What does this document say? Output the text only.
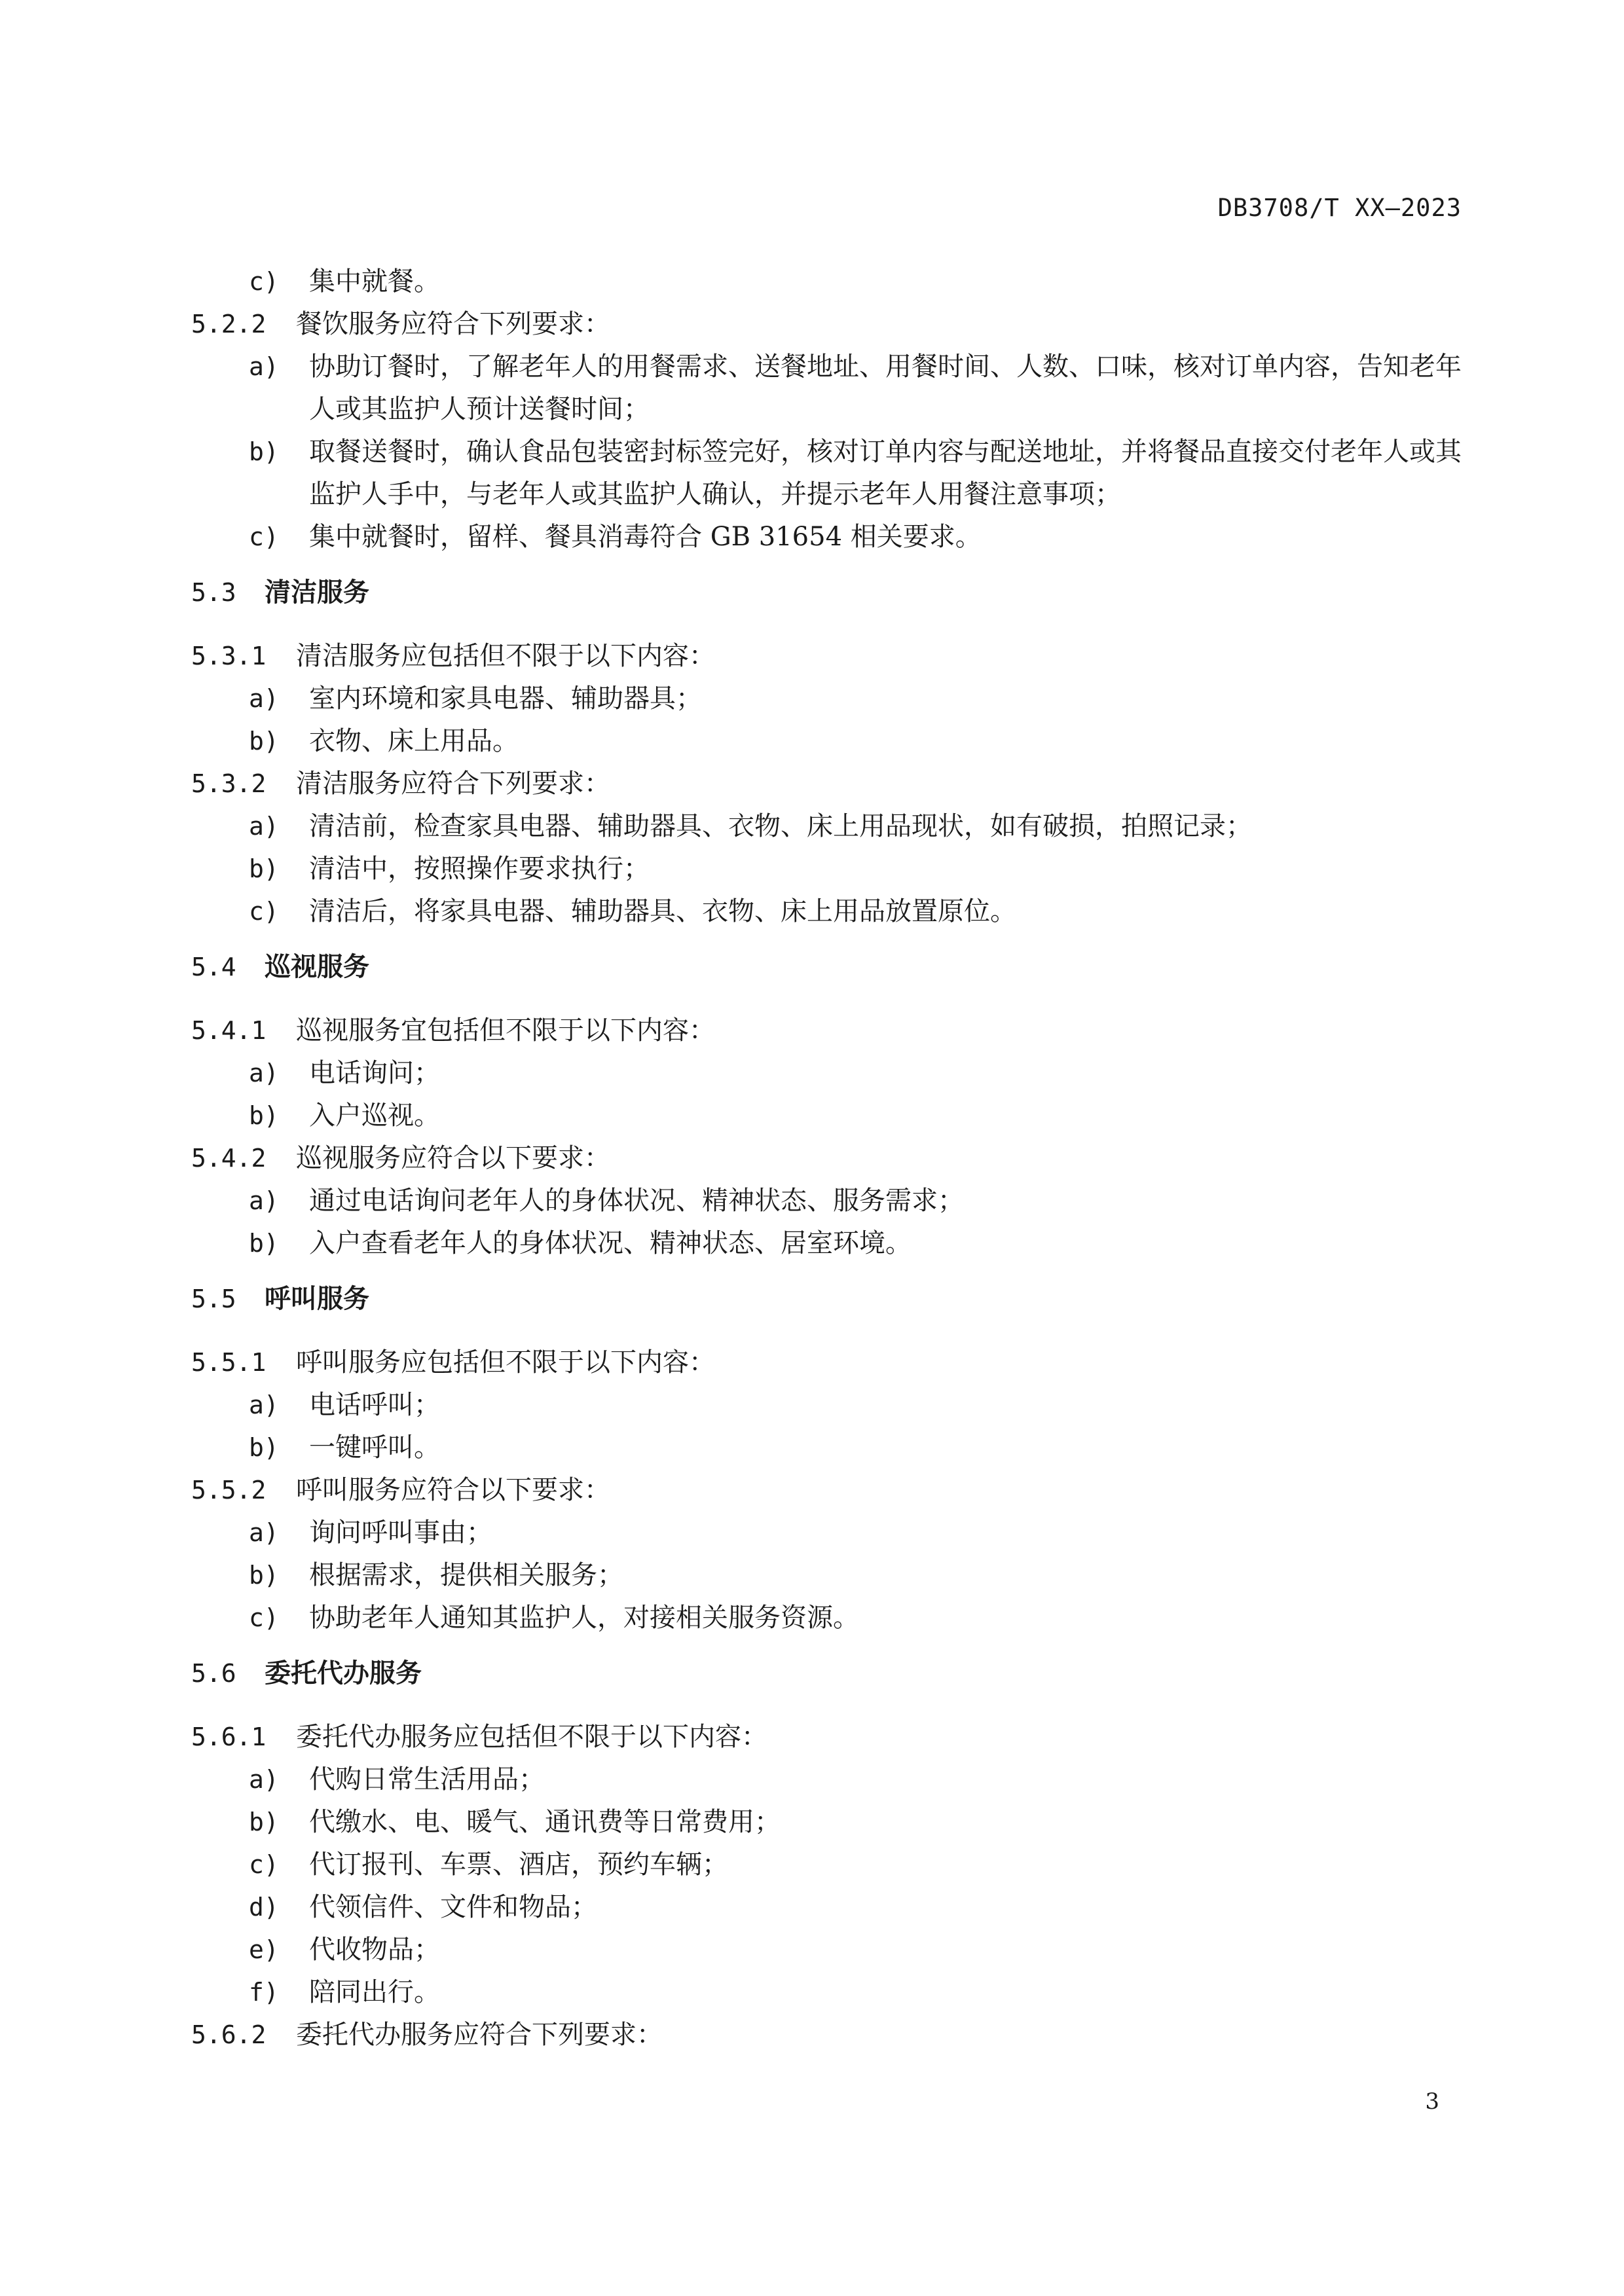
DB3708/T XX—2023
c)	集中就餐。
5.2.2 餐饮服务应符合下列要求：
a)	协助订餐时，了解老年人的用餐需求、送餐地址、用餐时间、人数、口味，核对订单内容，告知老年人或其监护人预计送餐时间；
b)	取餐送餐时，确认食品包装密封标签完好，核对订单内容与配送地址，并将餐品直接交付老年人或其监护人手中，与老年人或其监护人确认，并提示老年人用餐注意事项；
c)	集中就餐时，留样、餐具消毒符合 GB 31654 相关要求。
5.3 清洁服务
5.3.1 清洁服务应包括但不限于以下内容：
a)	室内环境和家具电器、辅助器具；
b)	衣物、床上用品。
5.3.2 清洁服务应符合下列要求：
a)	清洁前，检查家具电器、辅助器具、衣物、床上用品现状，如有破损，拍照记录；
b)	清洁中，按照操作要求执行；
c)	清洁后，将家具电器、辅助器具、衣物、床上用品放置原位。
5.4 巡视服务
5.4.1 巡视服务宜包括但不限于以下内容：
a)	电话询问；
b)	入户巡视。
5.4.2 巡视服务应符合以下要求：
a)	通过电话询问老年人的身体状况、精神状态、服务需求；
b)	入户查看老年人的身体状况、精神状态、居室环境。
5.5 呼叫服务
5.5.1 呼叫服务应包括但不限于以下内容：
a)	电话呼叫；
b)	一键呼叫。
5.5.2 呼叫服务应符合以下要求：
a)	询问呼叫事由；
b)	根据需求，提供相关服务；
c)	协助老年人通知其监护人，对接相关服务资源。
5.6 委托代办服务
5.6.1 委托代办服务应包括但不限于以下内容：
a)	代购日常生活用品；
b)	代缴水、电、暖气、通讯费等日常费用；
c)	代订报刊、车票、酒店，预约车辆；
d)	代领信件、文件和物品；
e)	代收物品；
f)	陪同出行。
5.6.2 委托代办服务应符合下列要求：
3
